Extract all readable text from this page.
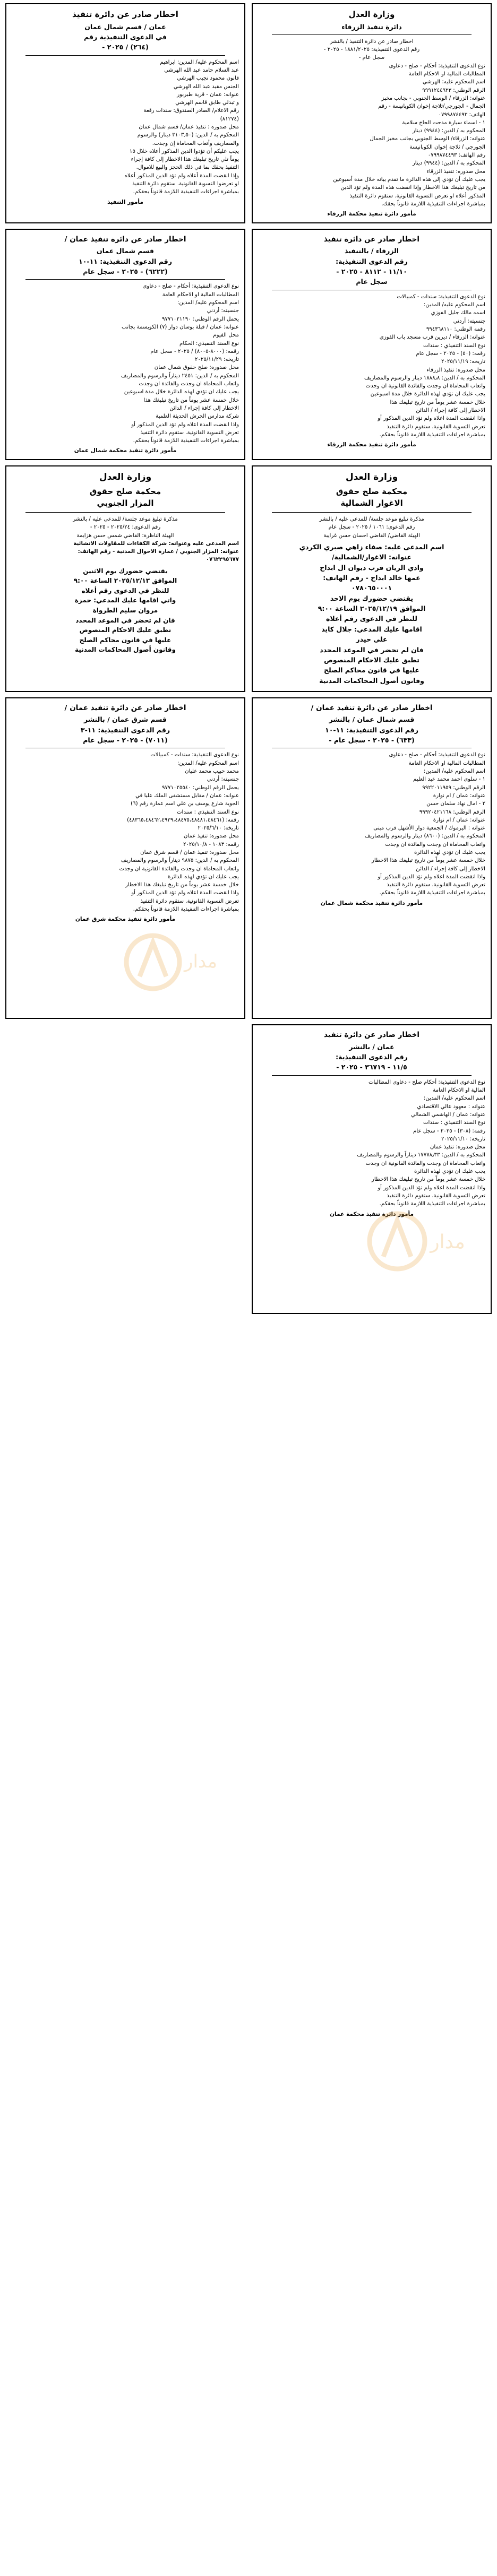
اخطار صادر عن دائرة تنفيذ
عمان / قسم شمال عمان
في الدعوى التنفيذية رقم
(٢٦٤) / ٢٠٢٥ -
اسم المحكوم عليه/ المدين: ابراهيم
عبد السلام حامد عبد الله الهرشي
قانون محمود نجيب الهرشي
الجنس مقيد عبد الله الهرشي
عنوانه: عمان - قرية طبربور
و تبدلي طابق قاسم الهرشي
رقم الاعلام/ الصادر الصندوق: سندات رقعة
(٨١٢٧٤)
محل صدوره : تنفيذ عمان/ قسم شمال عمان
المحكوم به / الدين: (٣١٠٣٫٥٠ دينار) والرسوم
والمصاريف وأتعاب المحاماة إن وجدت.
يجب عليكم أن تؤدوا الدين المذكور أعلاه خلال ١٥
يوماً تلي تاريخ تبليغك هذا الاخطار إلى كافة إجراء
التنفيذ بحقك بما في ذلك الحجز والبيع للاموال.
وإذا انقضت المدة أعلاه ولم تؤد الدين المذكور أعلاه
او تعرضوا التسوية القانونية. ستقوم دائرة التنفيذ
بمباشرة اجراءات التنفيذية اللازمة قانوناً بحقكم.
مأمور التنفيذ
وزارة العدل
دائرة تنفيذ الزرقاء
اخطار صادر عن دائرة التنفيذ / بالنشر
رقم الدعوى التنفيذية: ١٨٨١/٢٠٢٥ - ٢٠٢٥ -
سجل عام -
نوع الدعوى التنفيذية: أحكام - صلح - دعاوى
المطالبات المالية او الاحكام العامة
اسم المحكوم عليه: الهرشي
الرقم الوطني: ٩٩٩١٢٤٤٩٢٣
عنوانه: الزرقاء / الوسط الجنوبي - بجانب مخبز
الجمال - الجورجي/ثلاجة إخوان الكوبانيسة - رقم
الهاتف: ٠٧٩٩٨٧٤٤٩٣
١ - اسماء سيارة مدحت الحاج سلامية
المحكوم به / الدين: (٩٩٤٤) دينار
عنوانه: الزرقاء/ الوسط الجنوبي بجانب مخبز الجمال
الجورجي / ثلاجة إخوان الكوبانيسة
رقم الهاتف: ٠٧٩٩٨٧٤٤٩٣
المحكوم به / الدين: (٩٩٤٤) دينار
محل صدوره: تنفيذ الزرقاء
يجب عليك أن تؤدي إلى هذه الدائرة ما تقدم بيانه خلال مدة أسبوعين
من تاريخ تبليغك هذا الاخطار وإذا انقضت هذه المدة ولم تؤد الدين
المذكور أعلاه او تعرض التسوية القانونية. ستقوم دائرة التنفيذ
بمباشرة اجراءات التنفيذية اللازمة قانوناً بحقك.
مأمور دائرة تنفيذ محكمة الزرقاء
اخطار صادر عن دائرة تنفيذ عمان /
قسم شمال عمان
رقم الدعوى التنفيذية: ١١-١٠
(٦٢٢٢) - ٢٠٢٥ - سجل عام
نوع الدعوى التنفيذية: أحكام - صلح - دعاوى
المطالبات المالية او الاحكام العامة
اسم المحكوم عليه/ المدين:
جنسيته: أردني
يحمل الرقم الوطني: ٩٧٧١٠٢١١٩٠
عنوانه: عمان / قبلة بوسان دوار (٧) الكويسمة بجانب
محل الفيوم
نوع السند التنفيذي: الحكام
رقمه: (٨٠٠٠-٨٠٠٥) / ٢٠٢٥ - سجل عام
تاريخه: ٢٠٢٥/١١/٢٩
محل صدوره: صلح حقوق شمال عمان
المحكوم به / الدين: ٢٤٥١ ديناراً والرسوم والمصاريف
واتعاب المحاماة ان وجدت والفائدة ان وجدت
يجب عليك ان تؤدي لهذه الدائرة خلال مدة اسبوعين
خلال خمسة عشر يوماً من تاريخ تبليغك هذا
الاخطار إلى كافة إجراء / الدائن
شركة مدارس الجرش الحديثة العلمية
واذا انقضت المدة اعلاه ولم تؤد الدين المذكور أو
تعرض التسوية القانونية. ستقوم دائرة التنفيذ
بمباشرة اجراءات التنفيذية اللازمة قانوناً بحقكم.
مأمور دائرة تنفيذ محكمة شمال عمان
اخطار صادر عن دائرة تنفيذ
الزرقاء / بالتنفيذ
رقم الدعوى التنفيذية:
١١/١٠ - ٨١١٢ - ٢٠٢٥ -
سجل عام
نوع الدعوى التنفيذية: سندات - كمبيالات
اسم المحكوم عليه/ المدين:
اسمه مالك جليل الفوزي
جنسيته: أردني
رقمه الوطني: ٩٩٤٣٦٨١١٠
عنوانه: الزرقاء / ديرين قرب مسجد باب الفوزي
نوع السند التنفيذي : سندات
رقمه: (٥٠) - ٢٠٢٥ - سجل عام
تاريخه: ٢٠٢٥/١١/١٩
محل صدوره: تنفيذ الزرقاء
المحكوم به / الدين: ١٨٨٨٫٨ دينار والرسوم والمصاريف
واتعاب المحاماة ان وجدت والفائدة القانونية ان وجدت
يجب عليك ان تؤدي لهذه الدائرة خلال مدة اسبوعين
خلال خمسة عشر يوماً من تاريخ تبليغك هذا
الاخطار إلى كافة إجراء / الدائن
واذا انقضت المدة اعلاه ولم تؤد الدين المذكور أو
تعرض التسوية القانونية. ستقوم دائرة التنفيذ
بمباشرة اجراءات التنفيذية اللازمة قانوناً بحقكم.
مأمور دائرة تنفيذ محكمة الزرقاء
وزارة العدل
محكمة صلح حقوق
المزار الجنوبي
مذكرة تبليغ موعد جلسة/ للمدعى عليه / بالنشر
رقم الدعوى: ٢٠٢٥/٢٤ - ٢٠٢٥ -
الهيئة الناظرة: القاضي شمس حسن هزايمة
اسم المدعى عليه وعنوانه: شركة الكفاءات للمقاولات الانشائية
عنوانه: المزار الجنوبي / عمارة الاحوال المدنية - رقم الهاتف:
٠٧٦٢٢٩٥٦٧٧
يقتضي حضورك يوم الاثنين
الموافق ٢٠٢٥/١٢/١٣ الساعة ٩:٠٠
للنظر في الدعوى رقم أعلاه
واتي اقامها عليك المدعي: حمزة
مروان سليم الطرواة
فان لم تحضر في الموعد المحدد
تطبق عليك الاحكام المنصوص
عليها في قانون محاكم الصلح
وقانون أصول المحاكمات المدنية
وزارة العدل
محكمة صلح حقوق
الاغوار الشمالية
مذكرة تبليغ موعد جلسة/ للمدعى عليه / بالنشر
رقم الدعوى: ١٠٦١ / ٢٠٢٥ - سجل عام
الهيئة القاضي/ القاضي احسان حسن غرايبة
اسم المدعى عليه: صفاء زاهي صبري الكردي
عنوانه: الاغوار/الشمالية/
وادي الريان قرب ديوان ال ابداح
عمها خالد ابداح - رقم الهاتف:
٠٧٨٠٦٥٠٠٠١
يقتضي حضورك يوم الاحد
الموافق ٢٠٢٥/١٢/١٩ الساعة ٩:٠٠
للنظر في الدعوى رقم أعلاه
اقامها عليك المدعي: جلال كايد
علي حيدر
فان لم تحضر في الموعد المحدد
تطبق عليك الاحكام المنصوص
عليها في قانون محاكم الصلح
وقانون أصول المحاكمات المدنية
اخطار صادر عن دائرة تنفيذ عمان /
قسم شرق عمان / بالنشر
رقم الدعوى التنفيذية: ١١-٣
(٧٠١١) - ٢٠٢٥ - سجل عام
نوع الدعوى التنفيذية: سندات - كمبيالات
اسم المحكوم عليه/ المدين:
محمد حبيب محمد عليان
جنسيته: أردني
يحمل الرقم الوطني: ٩٧٧١٠٢٥٥٤٠
عنوانه: عمان / مقابل مستشفى الملك عليا في
الجوبة شارع يوسف بن علي اسم عمارة رقم (٦)
نوع السند التنفيذي : سندات
رقمه: (٤٨٣٦٥،٤٨٤٦٢،٤٩٢٩،٤٨٤٧٥،٤٨٤٨١،٤٨٤٦١)
تاريخه: ٢٠٢٥/٦/١٠
محل صدوره: تنفيذ عمان
رقمه: ١٠٨٣ - ٢٠٢٥/١٠/٨
محل صدوره: تنفيذ عمان / قسم شرق عمان
المحكوم به / الدين: ٩٨٧٥ ديناراً والرسوم والمصاريف
واتعاب المحاماة ان وجدت والفائدة القانونية ان وجدت
يجب عليك ان تؤدي لهذه الدائرة
خلال خمسة عشر يوماً من تاريخ تبليغك هذا الاخطار
واذا انقضت المدة اعلاه ولم تؤد الدين المذكور أو
تعرض التسوية القانونية. ستقوم دائرة التنفيذ
بمباشرة اجراءات التنفيذية اللازمة قانوناً بحقكم.
مأمور دائرة تنفيذ محكمة شرق عمان
مدار
اخطار صادر عن دائرة تنفيذ عمان /
قسم شمال عمان / بالنشر
رقم الدعوى التنفيذية: ١١-١٠
(٦٣٣) - ٢٠٢٥ - سجل عام -
نوع الدعوى التنفيذية: أحكام - صلح - دعاوى
المطالبات المالية او الاحكام العامة
اسم المحكوم عليه/ المدين:
١ - سلوى احمد محمد عبد العليم
الرقم الوطني: ٩٩٢٢٠١١٩٥٩
عنوانه: عمان / ام نوارة
٢ - امال نهاد سلمان حسن
الرقم الوطني: ٩٩٩٢٠٤٢١١٦٨
عنوانه: عمان / ام نوارة
عنوانه : اليرموك / الجمعية دوار الأشهل قرب مبنى
المحكوم به / الدين: (٨٦٠٠) دينار والرسوم والمصاريف
واتعاب المحاماة ان وجدت والفائدة ان وجدت
يجب عليك ان تؤدي لهذه الدائرة
خلال خمسة عشر يوماً من تاريخ تبليغك هذا الاخطار
الاخطار إلى كافة إجراء / الدائن
واذا انقضت المدة اعلاه ولم تؤد الدين المذكور أو
تعرض التسوية القانونية. ستقوم دائرة التنفيذ
بمباشرة اجراءات التنفيذية اللازمة قانوناً بحقكم.
مأمور دائرة تنفيذ محكمة شمال عمان
اخطار صادر عن دائرة تنفيذ
عمان / بالنشر
رقم الدعوى التنفيذية:
١١/٥ - ٣٦٧١٩ - ٢٠٢٥ -
نوع الدعوى التنفيذية: أحكام صلح - دعاوى المطالبات
المالية او الاحكام العامة
اسم المحكوم عليه/ المدين:
عنوانه : معهود عالي الاقتصادي
عنوانه: عمان / الهاشمي الشمالي
نوع السند التنفيذي : سندات
رقمه: (٣٠٨) - ٢٠٢٥ - سجل عام
تاريخه: ٢٠٢٥/١١/١٠
محل صدوره: تنفيذ عمان
المحكوم به / الدين: ١٧٧٧٨٫٣٣ ديناراً والرسوم والمصاريف
واتعاب المحاماة ان وجدت والفائدة القانونية ان وجدت
يجب عليك ان تؤدي لهذه الدائرة
خلال خمسة عشر يوماً من تاريخ تبليغك هذا الاخطار
واذا انقضت المدة اعلاه ولم تؤد الدين المذكور أو
تعرض التسوية القانونية. ستقوم دائرة التنفيذ
بمباشرة اجراءات التنفيذية اللازمة قانوناً بحقكم.
مأمور دائرة تنفيذ محكمة عمان
مدار
